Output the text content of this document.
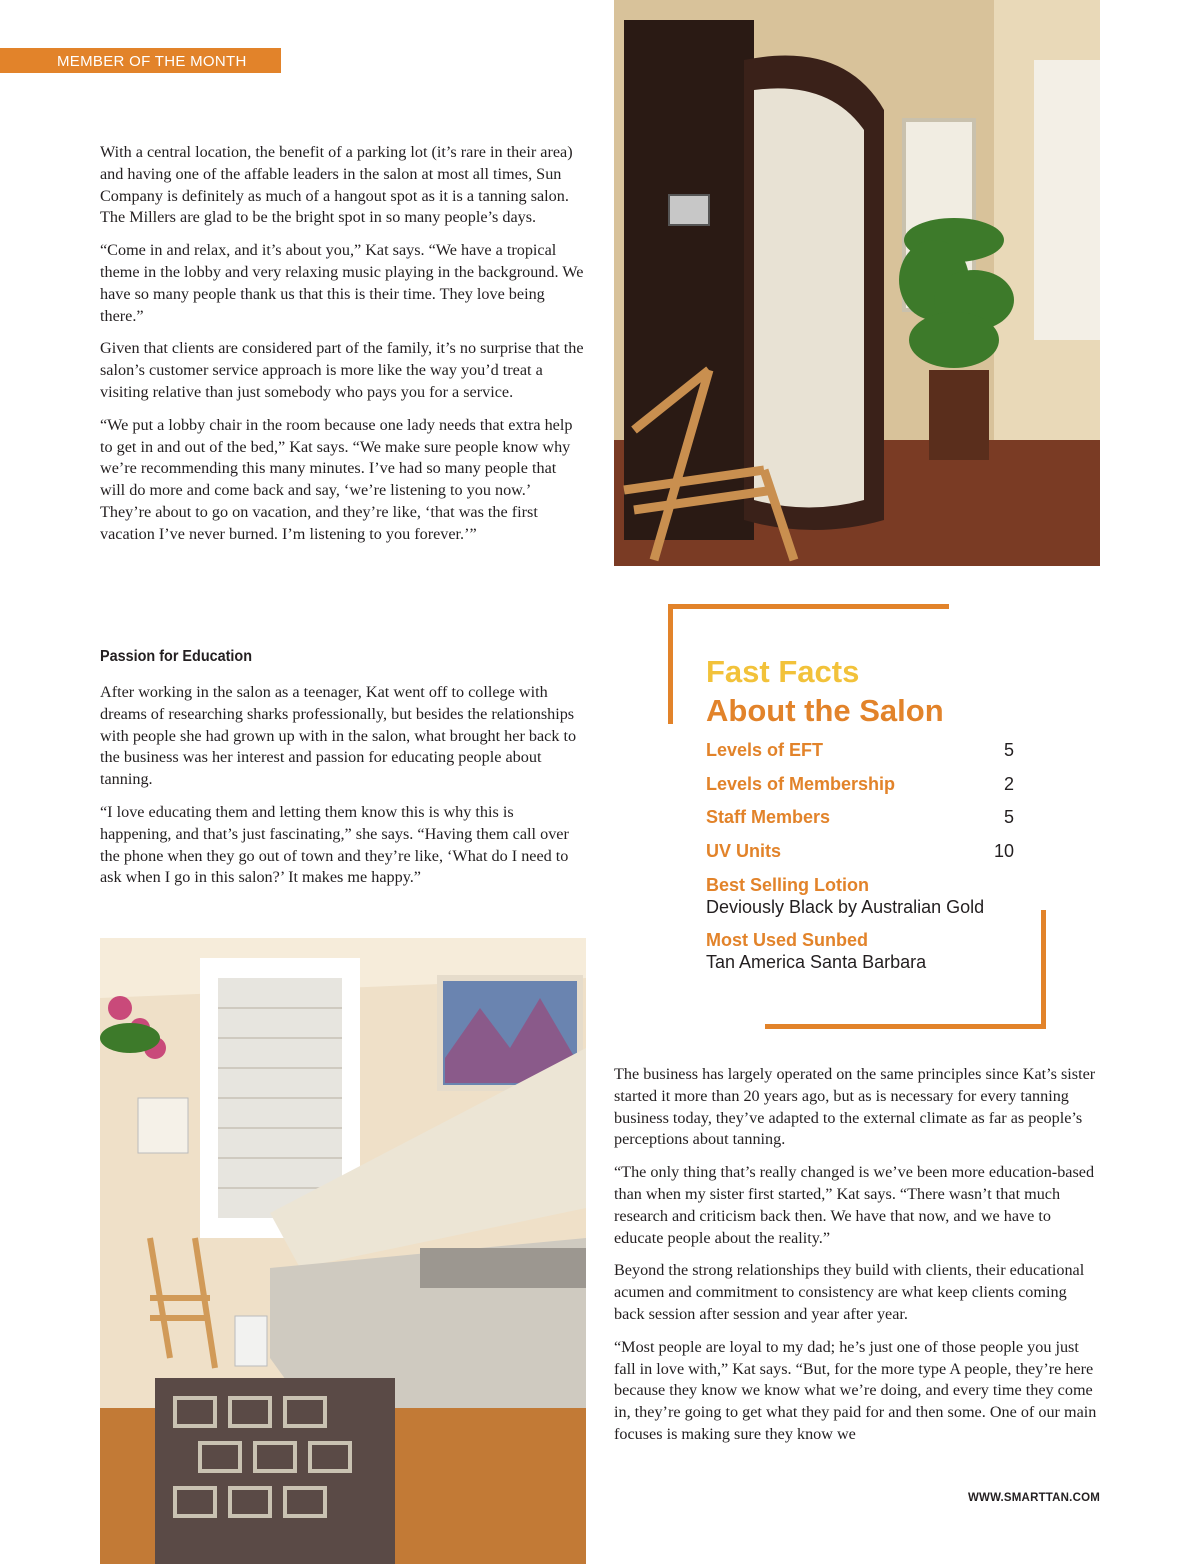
MEMBER OF THE MONTH

With a central location, the benefit of a parking lot (it’s rare in their area) and having one of the affable leaders in the salon at most all times, Sun Company is definitely as much of a hangout spot as it is a tanning salon. The Millers are glad to be the bright spot in so many people’s days.

“Come in and relax, and it’s about you,” Kat says. “We have a tropical theme in the lobby and very relaxing music playing in the background. We have so many people thank us that this is their time. They love being there.”

Given that clients are considered part of the family, it’s no surprise that the salon’s customer service approach is more like the way you’d treat a visiting relative than just somebody who pays you for a service.

“We put a lobby chair in the room because one lady needs that extra help to get in and out of the bed,” Kat says. “We make sure people know why we’re recommending this many minutes. I’ve had so many people that will do more and come back and say, ‘we’re listening to you now.’ They’re about to go on vacation, and they’re like, ‘that was the first vacation I’ve never burned. I’m listening to you forever.’”

Passion for Education

After working in the salon as a teenager, Kat went off to college with dreams of researching sharks professionally, but besides the relationships with people she had grown up with in the salon, what brought her back to the business was her interest and passion for educating people about tanning.

“I love educating them and letting them know this is why this is happening, and that’s just fascinating,” she says. “Having them call over the phone when they go out of town and they’re like, ‘What do I need to ask when I go in this salon?’ It makes me happy.”

Fast Facts
About the Salon
Levels of EFT	5
Levels of Membership	2
Staff Members	5
UV Units	10
Best Selling Lotion
Deviously Black by Australian Gold
Most Used Sunbed
Tan America Santa Barbara

The business has largely operated on the same principles since Kat’s sister started it more than 20 years ago, but as is necessary for every tanning business today, they’ve adapted to the external climate as far as people’s perceptions about tanning.

“The only thing that’s really changed is we’ve been more education-based than when my sister first started,” Kat says. “There wasn’t that much research and criticism back then. We have that now, and we have to educate people about the reality.”

Beyond the strong relationships they build with clients, their educational acumen and commitment to consistency are what keep clients coming back session after session and year after year.

“Most people are loyal to my dad; he’s just one of those people you just fall in love with,” Kat says. “But, for the more type A people, they’re here because they know we know what we’re doing, and every time they come in, they’re going to get what they paid for and then some. One of our main focuses is making sure they know we

WWW.SMARTTAN.COM
